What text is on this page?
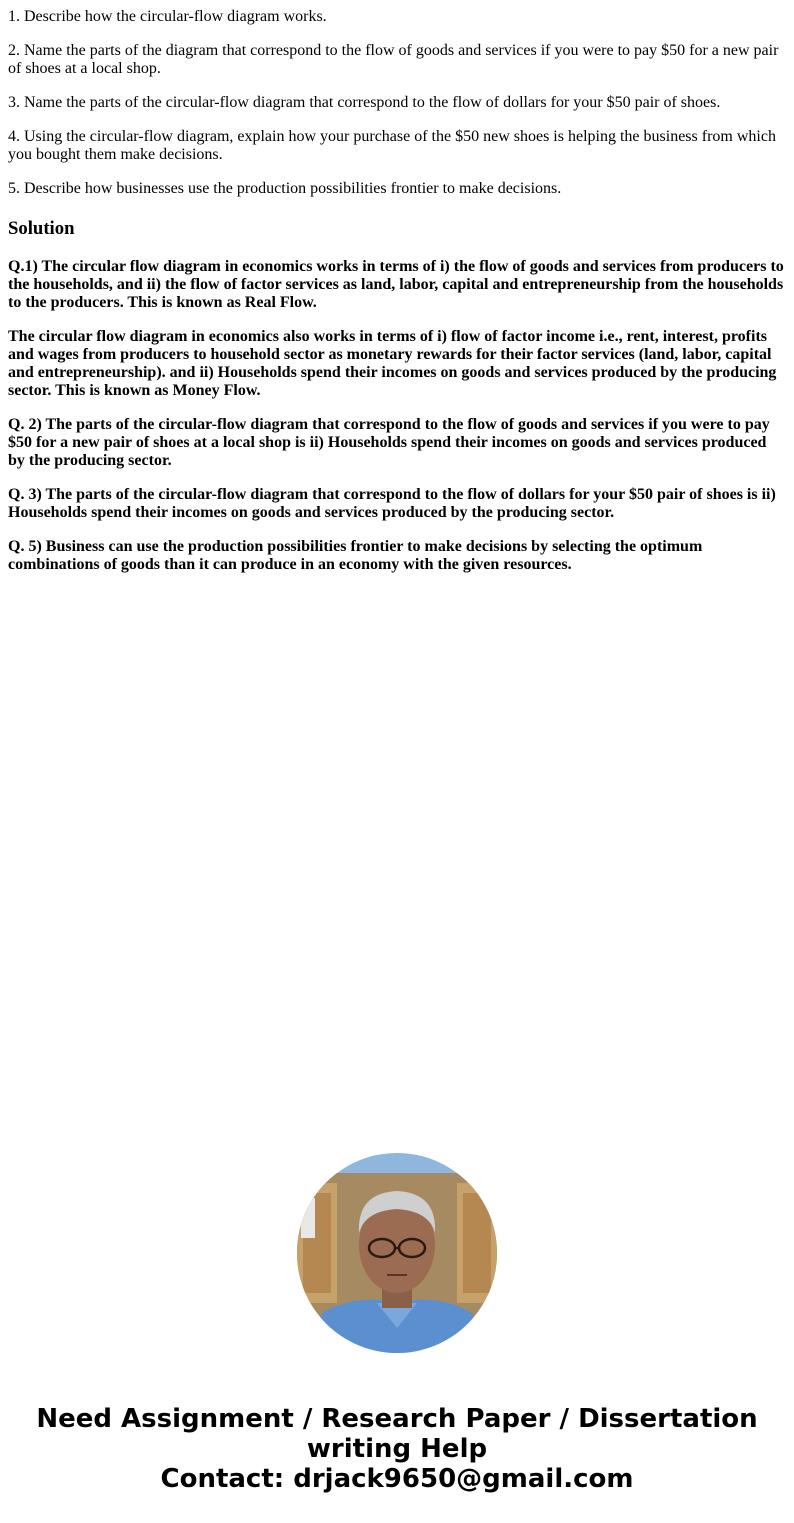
1. Describe how the circular-flow diagram works.

2. Name the parts of the diagram that correspond to the flow of goods and services if you were to pay $50 for a new pair of shoes at a local shop.

3. Name the parts of the circular-flow diagram that correspond to the flow of dollars for your $50 pair of shoes.

4. Using the circular-flow diagram, explain how your purchase of the $50 new shoes is helping the business from which you bought them make decisions.

5. Describe how businesses use the production possibilities frontier to make decisions.

Solution

Q.1) The circular flow diagram in economics works in terms of i) the flow of goods and services from producers to the households, and ii) the flow of factor services as land, labor, capital and entrepreneurship from the households to the producers. This is known as Real Flow.

The circular flow diagram in economics also works in terms of i) flow of factor income i.e., rent, interest, profits and wages from producers to household sector as monetary rewards for their factor services (land, labor, capital and entrepreneurship). and ii) Households spend their incomes on goods and services produced by the producing sector. This is known as Money Flow.

Q. 2) The parts of the circular-flow diagram that correspond to the flow of goods and services if you were to pay $50 for a new pair of shoes at a local shop is ii) Households spend their incomes on goods and services produced by the producing sector.

Q. 3) The parts of the circular-flow diagram that correspond to the flow of dollars for your $50 pair of shoes is ii) Households spend their incomes on goods and services produced by the producing sector.

Q. 5) Business can use the production possibilities frontier to make decisions by selecting the optimum combinations of goods than it can produce in an economy with the given resources.

Need Assignment / Research Paper / Dissertation
writing Help
Contact: drjack9650@gmail.com
